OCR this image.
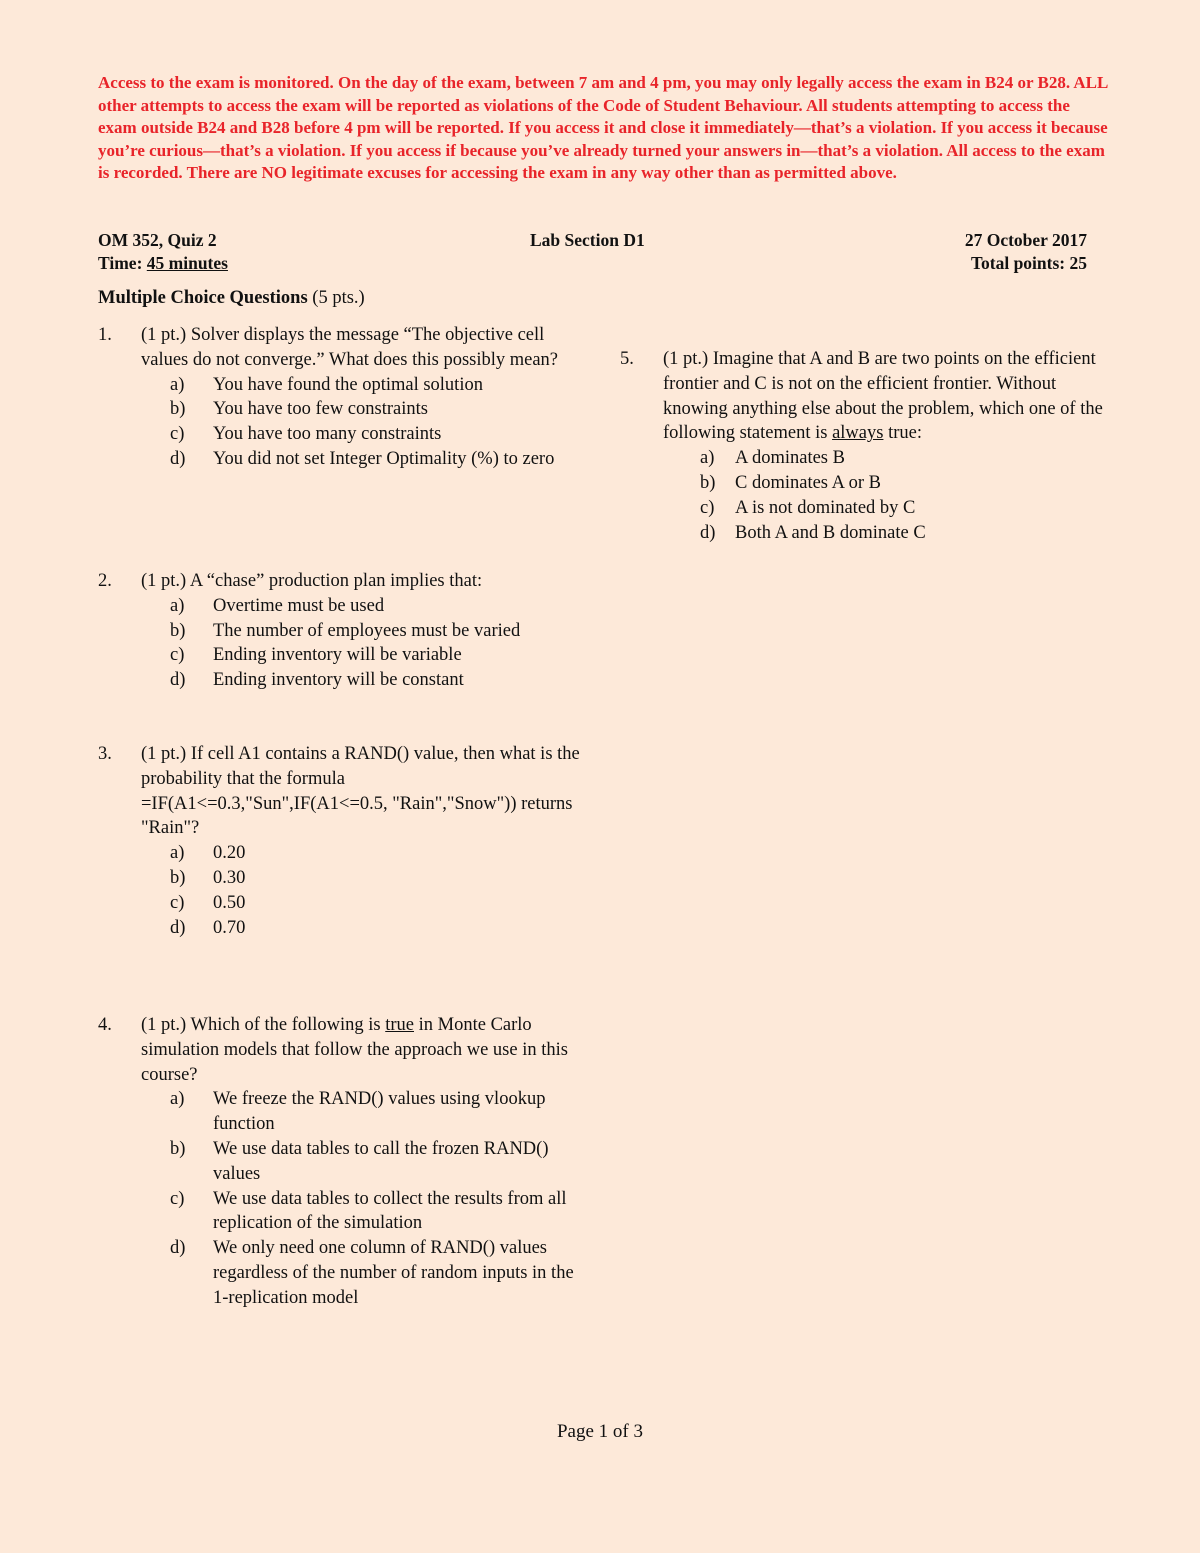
Access to the exam is monitored. On the day of the exam, between 7 am and 4 pm, you may only legally access the exam in B24 or B28. ALL other attempts to access the exam will be reported as violations of the Code of Student Behaviour. All students attempting to access the exam outside B24 and B28 before 4 pm will be reported. If you access it and close it immediately—that’s a violation. If you access it because you’re curious—that’s a violation. If you access if because you’ve already turned your answers in—that’s a violation. All access to the exam is recorded. There are NO legitimate excuses for accessing the exam in any way other than as permitted above.

OM 352, Quiz 2
Time: 45 minutes
Lab Section D1	27 October 2017
Total points: 25
Multiple Choice Questions (5 pts.)
1. (1 pt.) Solver displays the message “The objective cell values do not converge.” What does this possibly mean?
a) You have found the optimal solution
b) You have too few constraints
c) You have too many constraints
d) You did not set Integer Optimality (%) to zero
2. (1 pt.) A “chase” production plan implies that:
a) Overtime must be used
b) The number of employees must be varied
c) Ending inventory will be variable
d) Ending inventory will be constant
3. (1 pt.) If cell A1 contains a RAND() value, then what is the probability that the formula =IF(A1<=0.3,"Sun",IF(A1<=0.5, "Rain","Snow")) returns "Rain"?
a) 0.20
b) 0.30
c) 0.50
d) 0.70
4. (1 pt.) Which of the following is true in Monte Carlo simulation models that follow the approach we use in this course?
a) We freeze the RAND() values using vlookup function
b) We use data tables to call the frozen RAND() values
c) We use data tables to collect the results from all replication of the simulation
d) We only need one column of RAND() values regardless of the number of random inputs in the 1-replication model
5. (1 pt.) Imagine that A and B are two points on the efficient frontier and C is not on the efficient frontier. Without knowing anything else about the problem, which one of the following statement is always true:
a) A dominates B
b) C dominates A or B
c) A is not dominated by C
d) Both A and B dominate C
Page 1 of 3
